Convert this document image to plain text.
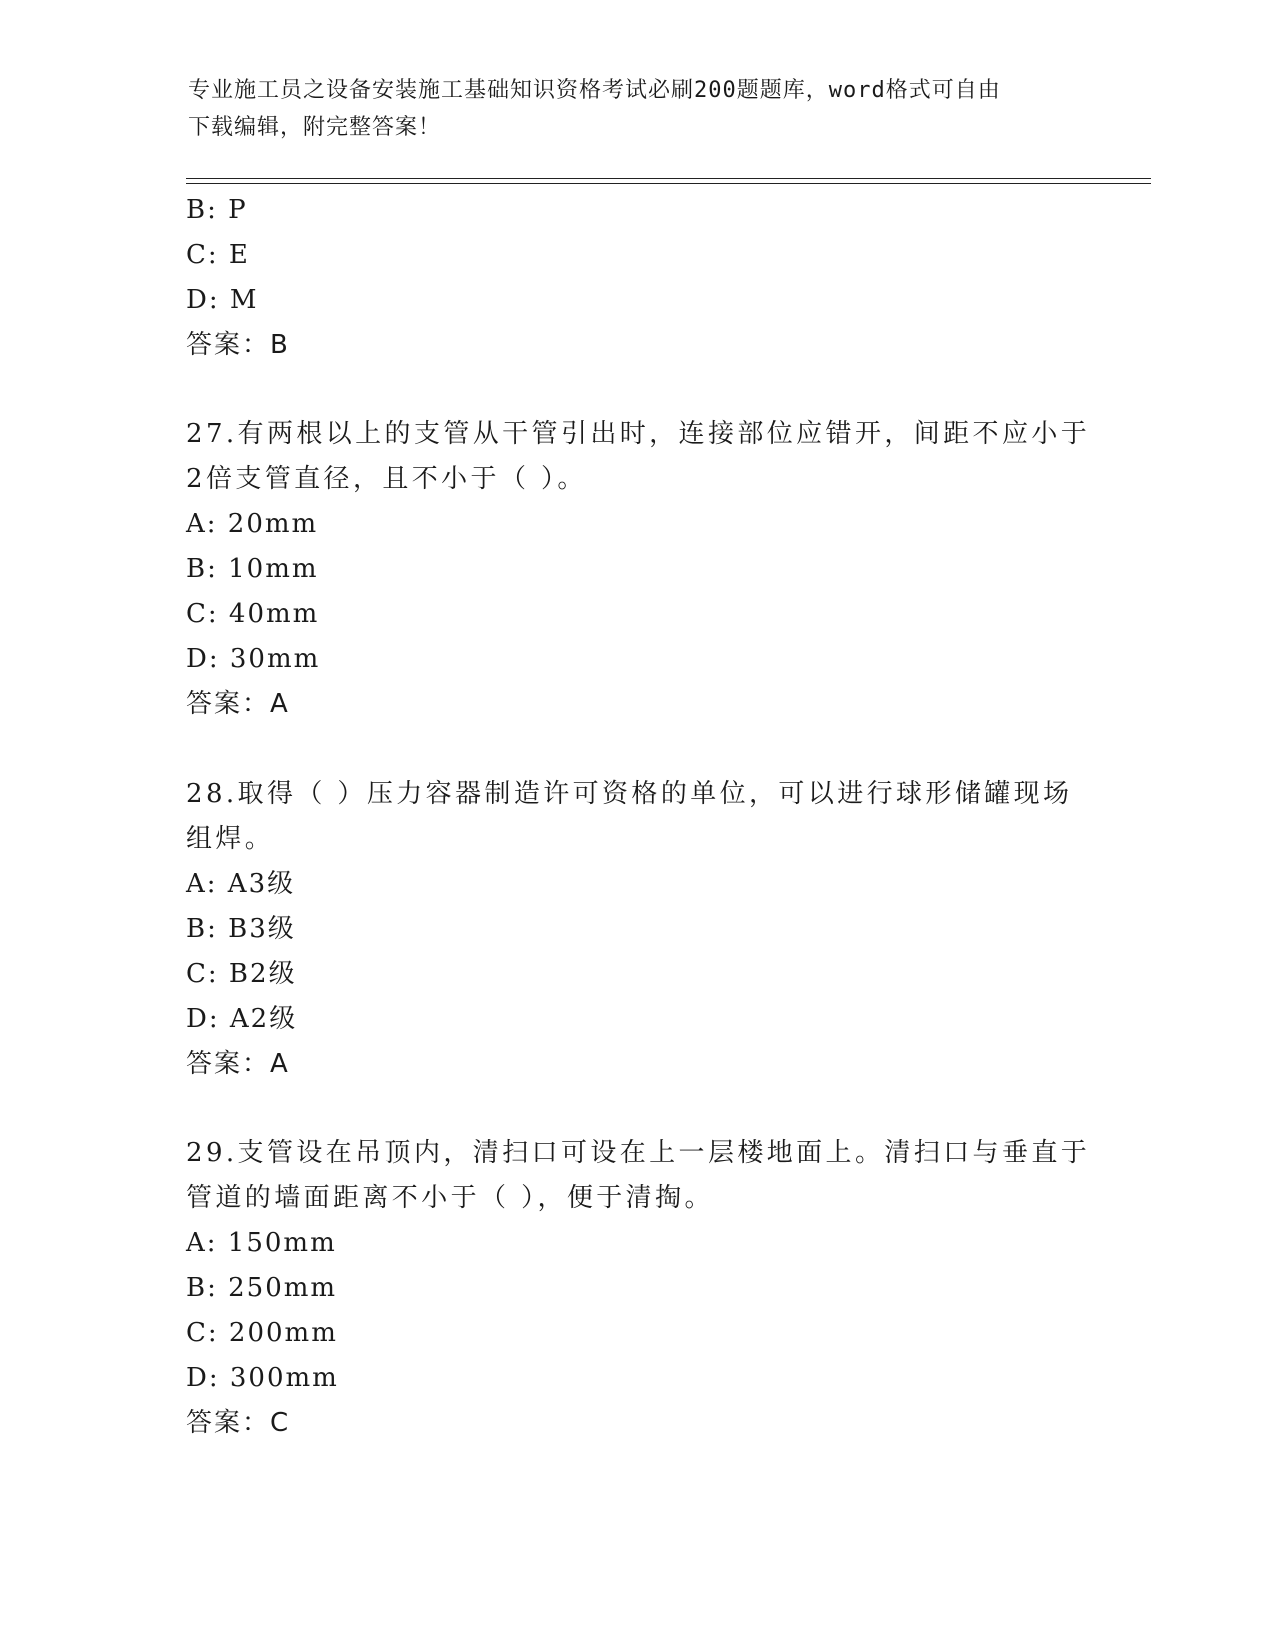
专业施工员之设备安装施工基础知识资格考试必刷200题题库，word格式可自由
下载编辑，附完整答案！
B: P
C: E
D: M
答案：B
27.有两根以上的支管从干管引出时，连接部位应错开，间距不应小于
2倍支管直径，且不小于（ ）。
A: 20mm
B: 10mm
C: 40mm
D: 30mm
答案：A
28.取得（ ）压力容器制造许可资格的单位，可以进行球形储罐现场
组焊。
A: A3级
B: B3级
C: B2级
D: A2级
答案：A
29.支管设在吊顶内，清扫口可设在上一层楼地面上。清扫口与垂直于
管道的墙面距离不小于（ ），便于清掏。
A: 150mm
B: 250mm
C: 200mm
D: 300mm
答案：C
